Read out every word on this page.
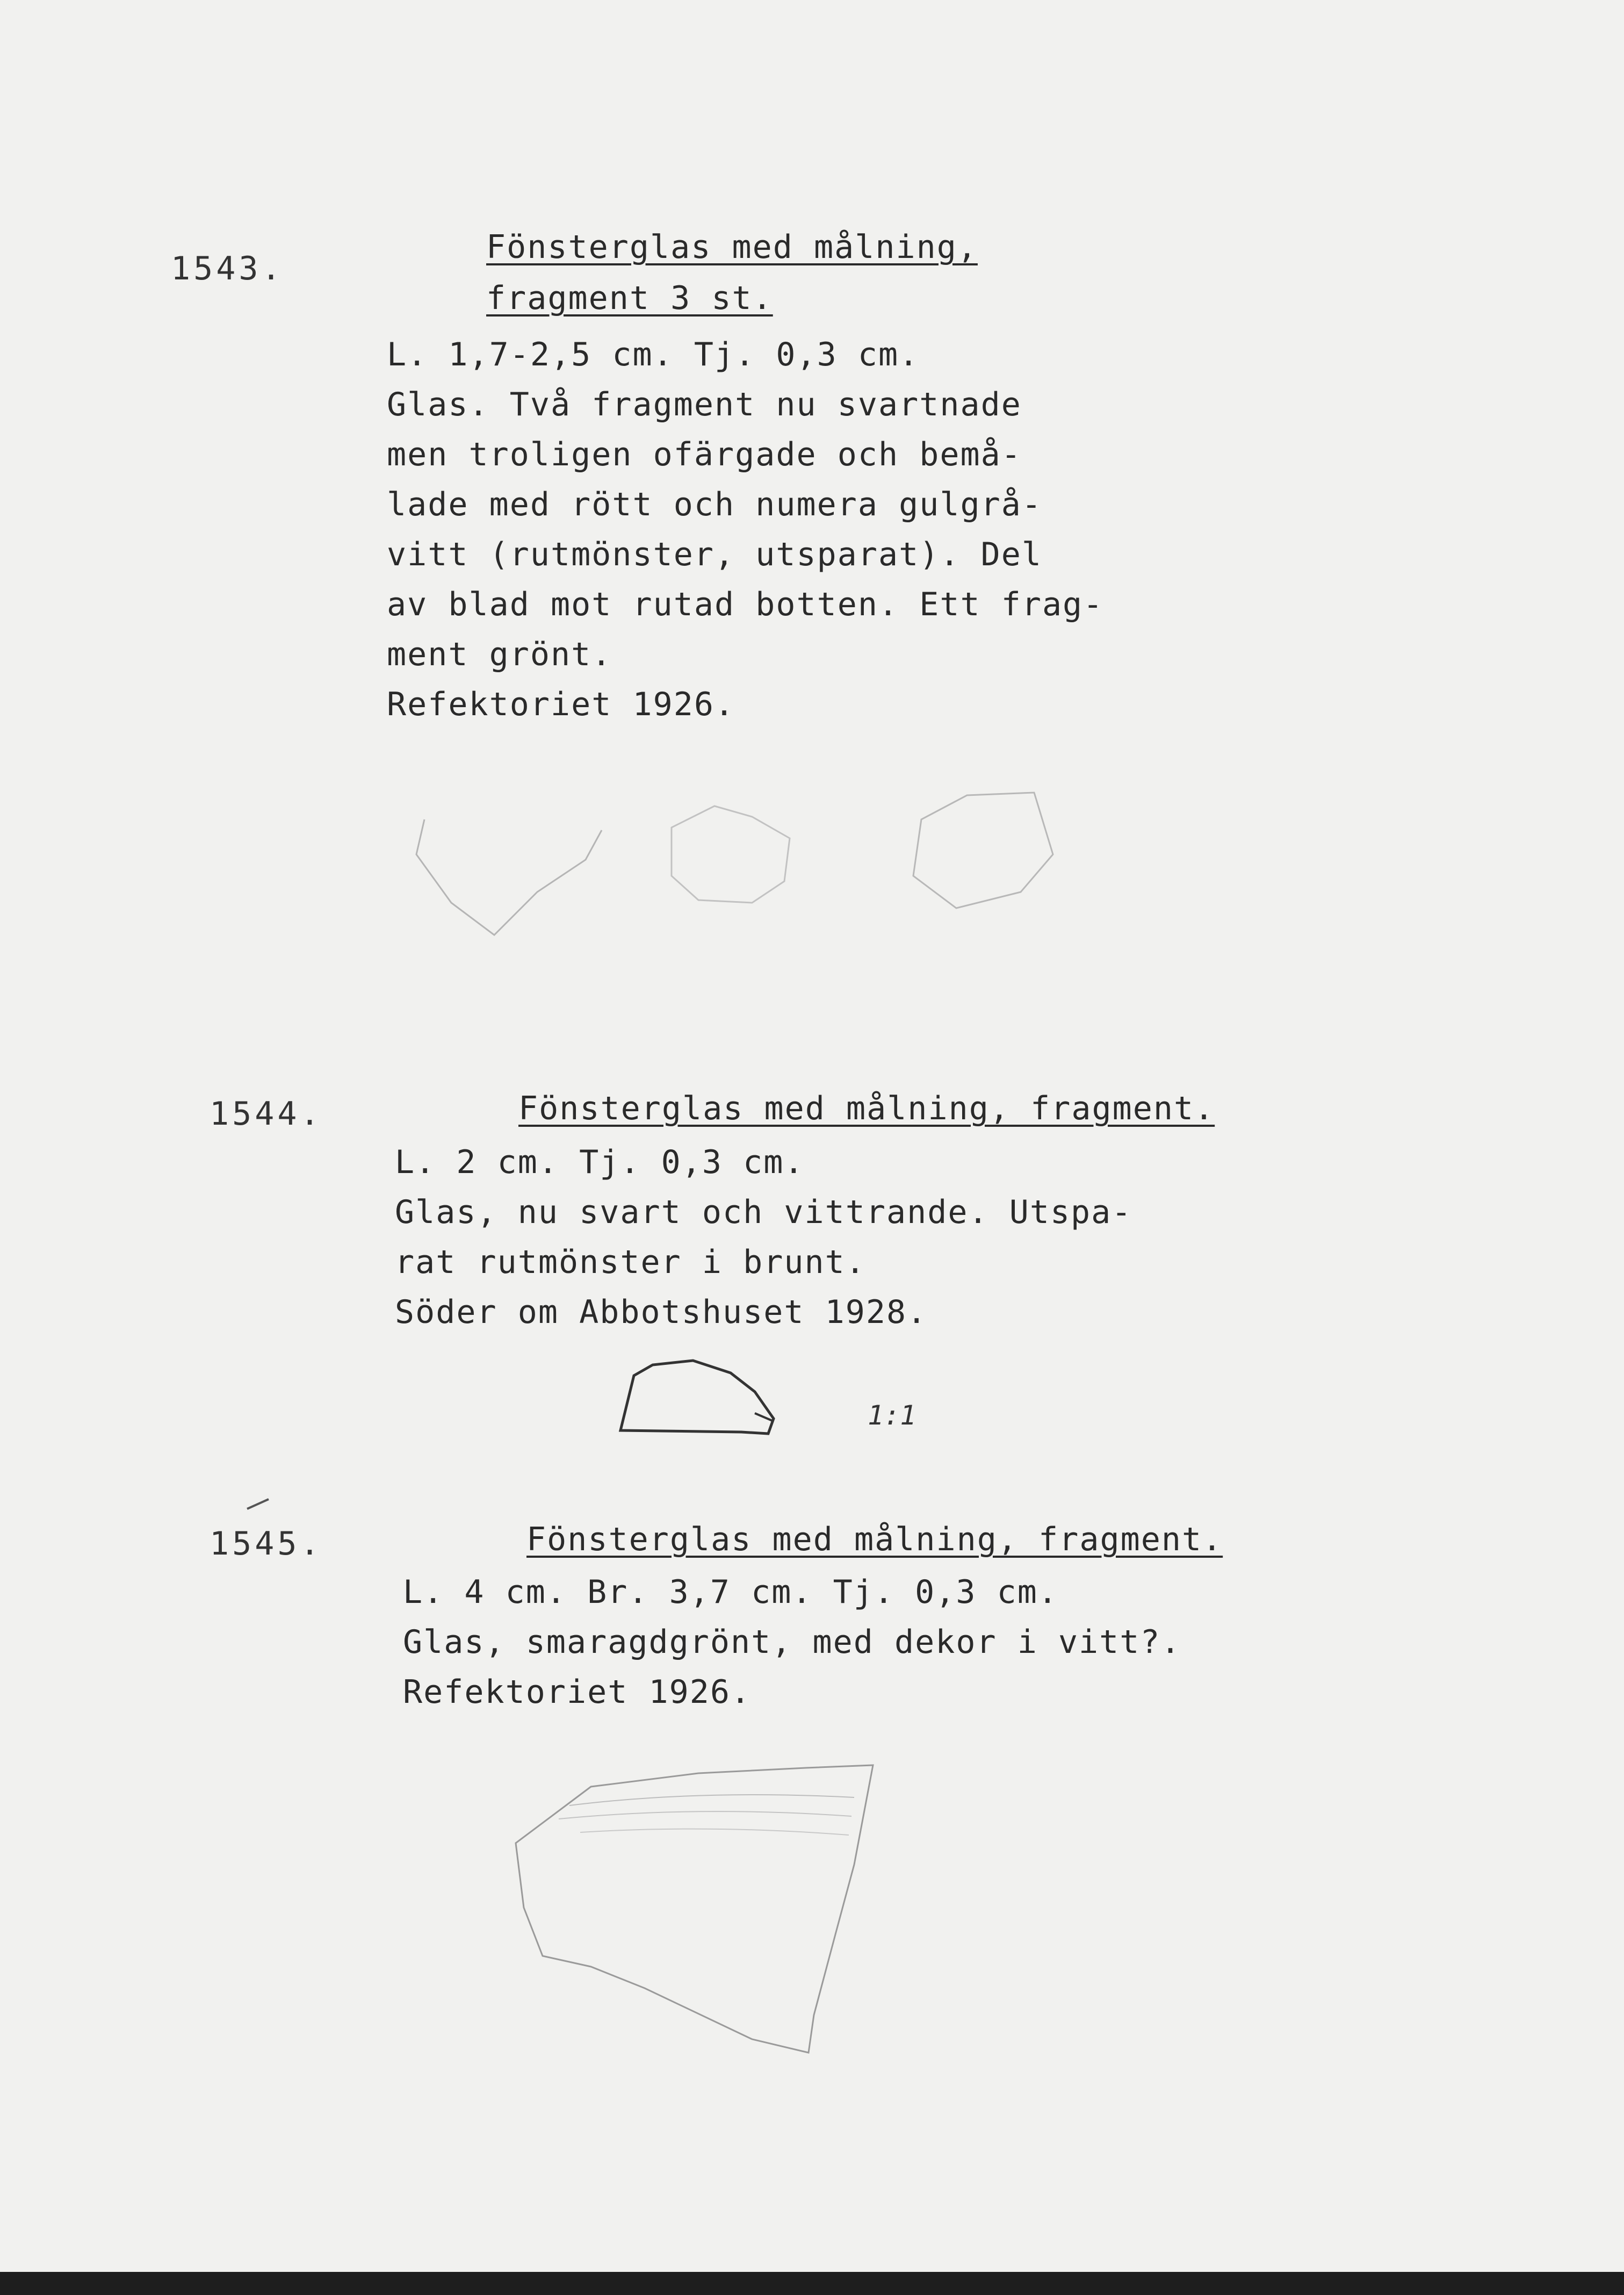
1543.
Fönsterglas med målning,
fragment 3 st.
L. 1,7-2,5 cm. Tj. 0,3 cm.
Glas. Två fragment nu svartnade
men troligen ofärgade och bemå-
lade med rött och numera gulgrå-
vitt (rutmönster, utsparat). Del
av blad mot rutad botten. Ett frag-
ment grönt.
Refektoriet 1926.
1544.	Fönsterglas med målning, fragment.
L. 2 cm. Tj. 0,3 cm.
Glas, nu svart och vittrande. Utspa-
rat rutmönster i brunt.
Söder om Abbotshuset 1928.
1:1
1545.	Fönsterglas med målning, fragment.
L. 4 cm. Br. 3,7 cm. Tj. 0,3 cm.
Glas, smaragdgrönt, med dekor i vitt?.
Refektoriet 1926.
